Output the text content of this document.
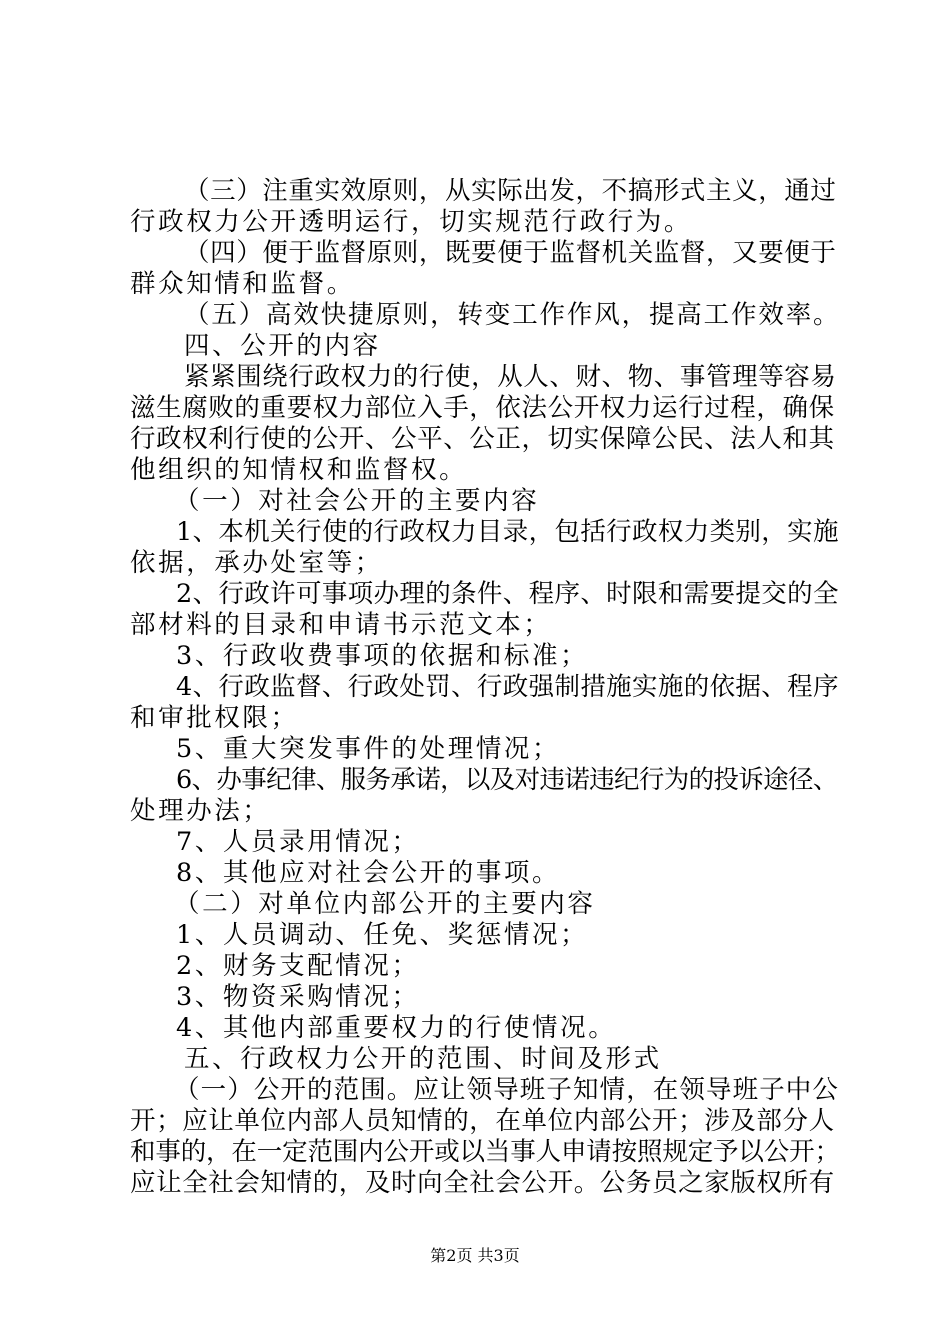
（三）注重实效原则，从实际出发，不搞形式主义，通过
行政权力公开透明运行，切实规范行政行为。
（四）便于监督原则，既要便于监督机关监督，又要便于
群众知情和监督。
（五）高效快捷原则，转变工作作风，提高工作效率。
四、公开的内容
紧紧围绕行政权力的行使，从人、财、物、事管理等容易
滋生腐败的重要权力部位入手，依法公开权力运行过程，确保
行政权利行使的公开、公平、公正，切实保障公民、法人和其
他组织的知情权和监督权。
（一）对社会公开的主要内容
1、本机关行使的行政权力目录，包括行政权力类别，实施
依据，承办处室等；
2、行政许可事项办理的条件、程序、时限和需要提交的全
部材料的目录和申请书示范文本；
3、行政收费事项的依据和标准；
4、行政监督、行政处罚、行政强制措施实施的依据、程序
和审批权限；
5、重大突发事件的处理情况；
6、办事纪律、服务承诺，以及对违诺违纪行为的投诉途径、
处理办法；
7、人员录用情况；
8、其他应对社会公开的事项。
（二）对单位内部公开的主要内容
1、人员调动、任免、奖惩情况；
2、财务支配情况；
3、物资采购情况；
4、其他内部重要权力的行使情况。
五、行政权力公开的范围、时间及形式
（一）公开的范围。应让领导班子知情，在领导班子中公
开；应让单位内部人员知情的，在单位内部公开；涉及部分人
和事的，在一定范围内公开或以当事人申请按照规定予以公开；
应让全社会知情的，及时向全社会公开。公务员之家版权所有
第2页 共3页
